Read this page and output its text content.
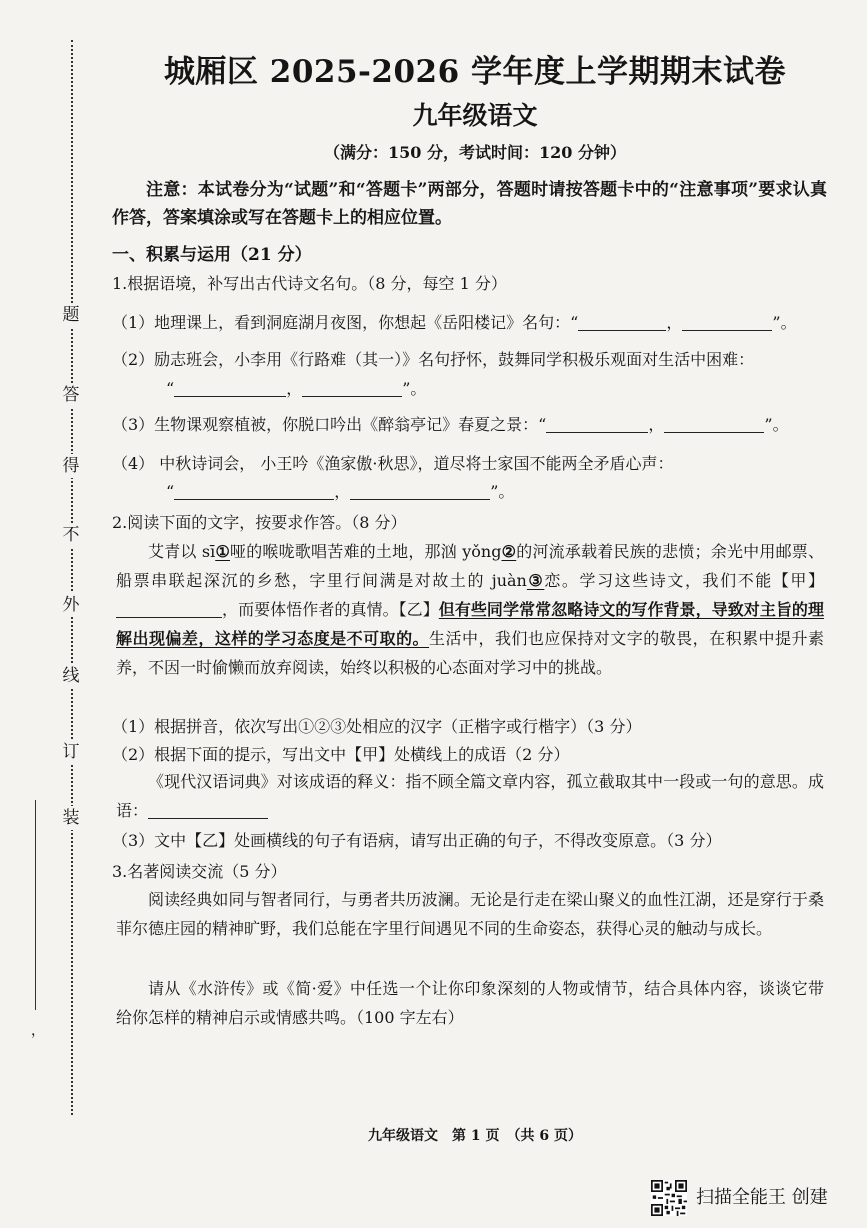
题
答
得
不
外
线
订
装
，
城厢区 2025-2026 学年度上学期期末试卷
九年级语文
（满分：150 分，考试时间：120 分钟）
注意：本试卷分为“试题”和“答题卡”两部分，答题时请按答题卡中的“注意事项”要求认真作答，答案填涂或写在答题卡上的相应位置。
一、积累与运用（21 分）
1.根据语境，补写出古代诗文名句。（8 分，每空 1 分）
（1）地理课上，看到洞庭湖月夜图，你想起《岳阳楼记》名句：“	，	”。
（2）励志班会，小李用《行路难（其一）》名句抒怀，鼓舞同学积极乐观面对生活中困难：
“	，	”。
（3）生物课观察植被，你脱口吟出《醉翁亭记》春夏之景：“	，	”。
（4） 中秋诗词会， 小王吟《渔家傲·秋思》，道尽将士家国不能两全矛盾心声：
“	，	”。
2.阅读下面的文字，按要求作答。（8 分）
艾青以 sī①哑的喉咙歌唱苦难的土地，那汹 yǒng②的河流承载着民族的悲愤；余光中用邮票、船票串联起深沉的乡愁，字里行间满是对故土的 juàn③恋。学习这些诗文，我们不能【甲】，而要体悟作者的真情。【乙】但有些同学常常忽略诗文的写作背景，导致对主旨的理解出现偏差，这样的学习态度是不可取的。生活中，我们也应保持对文字的敬畏，在积累中提升素养，不因一时偷懒而放弃阅读，始终以积极的心态面对学习中的挑战。
（1）根据拼音，依次写出①②③处相应的汉字（正楷字或行楷字）（3 分）
（2）根据下面的提示，写出文中【甲】处横线上的成语（2 分）
《现代汉语词典》对该成语的释义：指不顾全篇文章内容，孤立截取其中一段或一句的意思。成语：
（3）文中【乙】处画横线的句子有语病，请写出正确的句子，不得改变原意。（3 分）
3.名著阅读交流（5 分）
阅读经典如同与智者同行，与勇者共历波澜。无论是行走在梁山聚义的血性江湖，还是穿行于桑菲尔德庄园的精神旷野，我们总能在字里行间遇见不同的生命姿态，获得心灵的触动与成长。
请从《水浒传》或《简·爱》中任选一个让你印象深刻的人物或情节，结合具体内容，谈谈它带给你怎样的精神启示或情感共鸣。（100 字左右）
九年级语文　第 1 页　（共 6 页）
扫描全能王 创建
